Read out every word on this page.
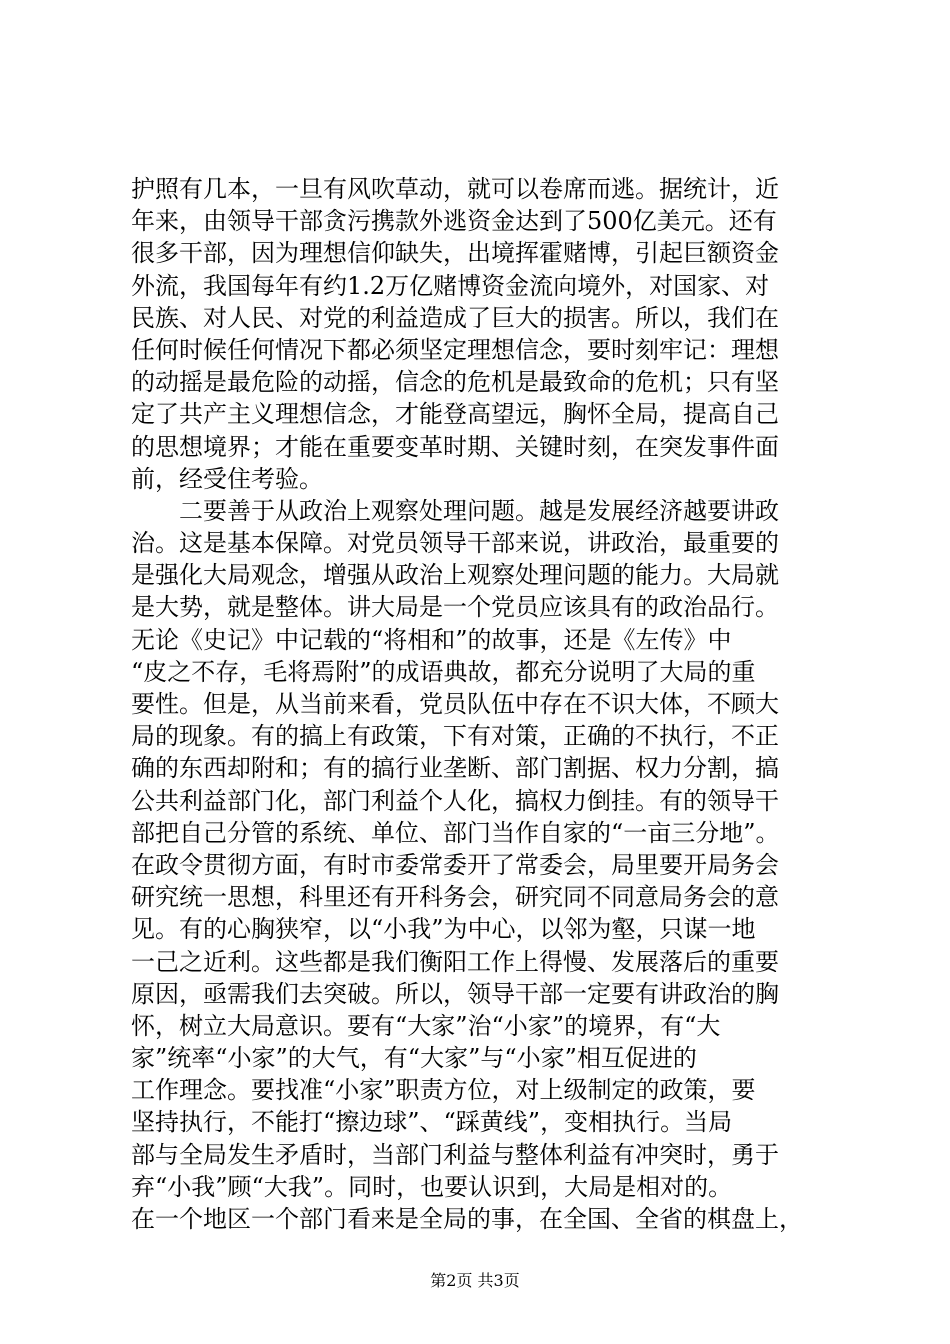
护照有几本，一旦有风吹草动，就可以卷席而逃。据统计，近
年来，由领导干部贪污携款外逃资金达到了500亿美元。还有
很多干部，因为理想信仰缺失，出境挥霍赌博，引起巨额资金
外流，我国每年有约1.2万亿赌博资金流向境外，对国家、对
民族、对人民、对党的利益造成了巨大的损害。所以，我们在
任何时候任何情况下都必须坚定理想信念，要时刻牢记：理想
的动摇是最危险的动摇，信念的危机是最致命的危机；只有坚
定了共产主义理想信念，才能登高望远，胸怀全局，提高自己
的思想境界；才能在重要变革时期、关键时刻，在突发事件面
前，经受住考验。
　　二要善于从政治上观察处理问题。越是发展经济越要讲政
治。这是基本保障。对党员领导干部来说，讲政治，最重要的
是强化大局观念，增强从政治上观察处理问题的能力。大局就
是大势，就是整体。讲大局是一个党员应该具有的政治品行。
无论《史记》中记载的“将相和”的故事，还是《左传》中
“皮之不存，毛将焉附”的成语典故，都充分说明了大局的重
要性。但是，从当前来看，党员队伍中存在不识大体，不顾大
局的现象。有的搞上有政策，下有对策，正确的不执行，不正
确的东西却附和；有的搞行业垄断、部门割据、权力分割，搞
公共利益部门化，部门利益个人化，搞权力倒挂。有的领导干
部把自己分管的系统、单位、部门当作自家的“一亩三分地”。
在政令贯彻方面，有时市委常委开了常委会，局里要开局务会
研究统一思想，科里还有开科务会，研究同不同意局务会的意
见。有的心胸狭窄，以“小我”为中心，以邻为壑，只谋一地
一己之近利。这些都是我们衡阳工作上得慢、发展落后的重要
原因，亟需我们去突破。所以，领导干部一定要有讲政治的胸
怀，树立大局意识。要有“大家”治“小家”的境界，有“大
家”统率“小家”的大气，有“大家”与“小家”相互促进的
工作理念。要找准“小家”职责方位，对上级制定的政策，要
坚持执行，不能打“擦边球”、“踩黄线”，变相执行。当局
部与全局发生矛盾时，当部门利益与整体利益有冲突时，勇于
弃“小我”顾“大我”。同时，也要认识到，大局是相对的。
在一个地区一个部门看来是全局的事，在全国、全省的棋盘上，
第2页 共3页
